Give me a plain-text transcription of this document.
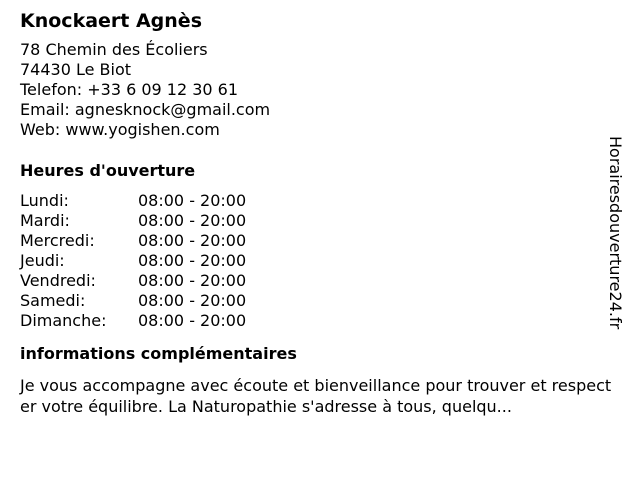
Knockaert Agnès
78 Chemin des Écoliers
74430 Le Biot
Telefon: +33 6 09 12 30 61
Email: agnesknock@gmail.com
Web: www.yogishen.com
Heures d'ouverture
Lundi:	08:00 - 20:00
Mardi:	08:00 - 20:00
Mercredi:	08:00 - 20:00
Jeudi:	08:00 - 20:00
Vendredi:	08:00 - 20:00
Samedi:	08:00 - 20:00
Dimanche:	08:00 - 20:00
informations complémentaires
Je vous accompagne avec écoute et bienveillance pour trouver et respecter votre équilibre. La Naturopathie s'adresse à tous, quelqu...
Horairesdouverture24.fr
